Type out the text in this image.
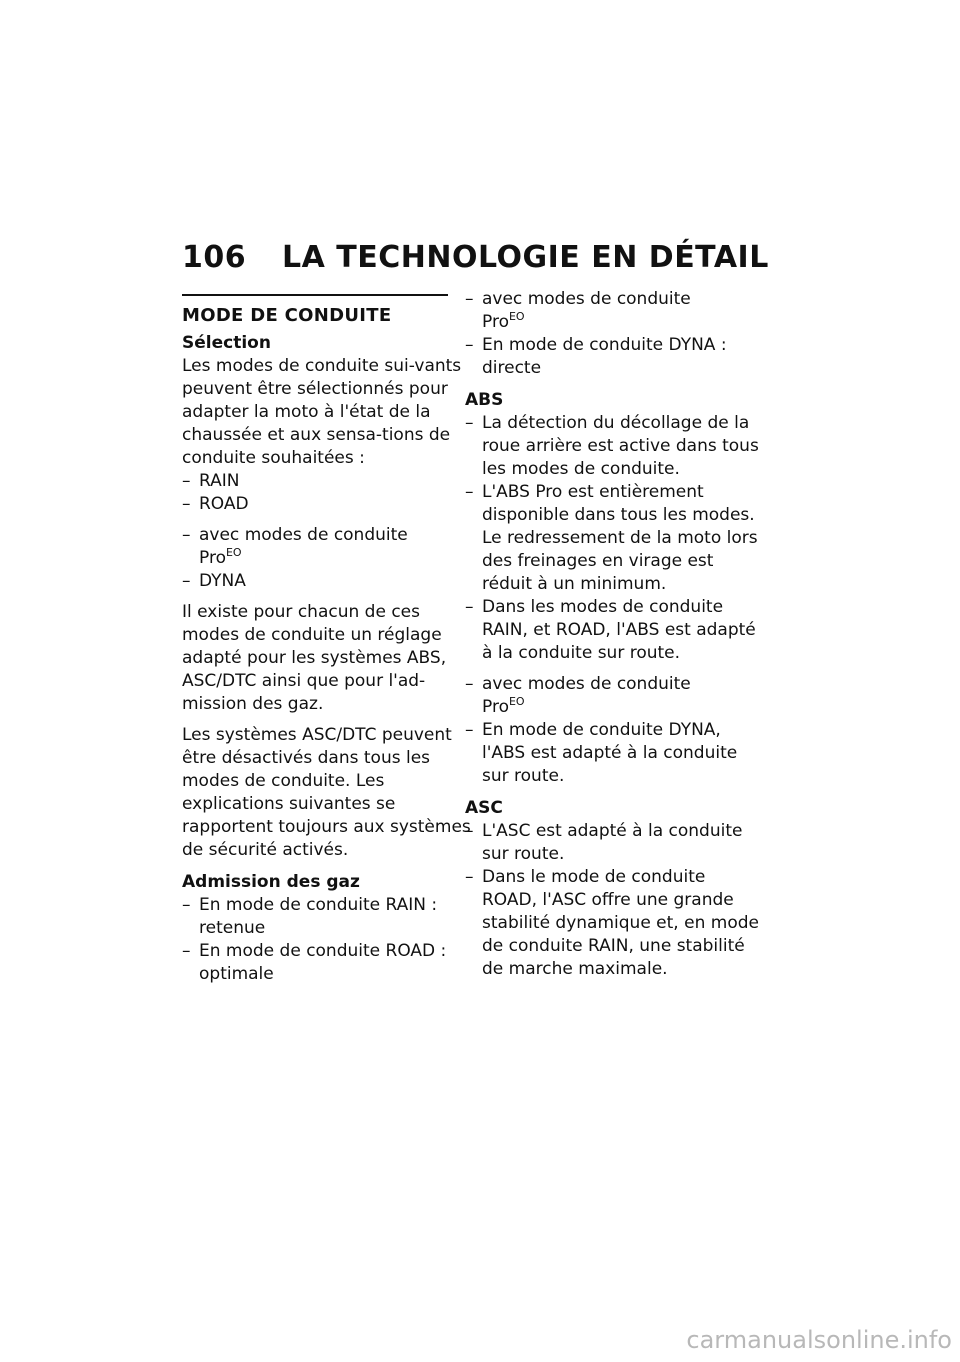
106 LA TECHNOLOGIE EN DÉTAIL
MODE DE CONDUITE
Sélection

Les modes de conduite sui-vants peuvent être sélectionnés pour adapter la moto à l'état de la chaussée et aux sensa-tions de conduite souhaitées :

– RAIN
– ROAD
– avec modes de conduite
Pro$^{EO}$
– DYNA

Il existe pour chacun de ces modes de conduite un réglage adapté pour les systèmes ABS, ASC/DTC ainsi que pour l'ad-mission des gaz.

Les systèmes ASC/DTC peuvent être désactivés dans tous les modes de conduite. Les explications suivantes se rapportent toujours aux systèmes de sécurité activés.

Admission des gaz
– En mode de conduite RAIN : retenue
– En mode de conduite ROAD : optimale
– avec modes de conduite
Pro$^{EO}$
– En mode de conduite DYNA : directe
ABS
– La détection du décollage de la roue arrière est active dans tous les modes de conduite.
– L'ABS Pro est entièrement disponible dans tous les modes. Le redressement de la moto lors des freinages en virage est réduit à un minimum.
– Dans les modes de conduite RAIN, et ROAD, l'ABS est adapté à la conduite sur route.
– avec modes de conduite
Pro$^{EO}$
– En mode de conduite DYNA, l'ABS est adapté à la conduite sur route.
ASC
– L'ASC est adapté à la conduite sur route.
– Dans le mode de conduite ROAD, l'ASC offre une grande stabilité dynamique et, en mode de conduite RAIN, une stabilité de marche maximale.
carmanualsonline.info
